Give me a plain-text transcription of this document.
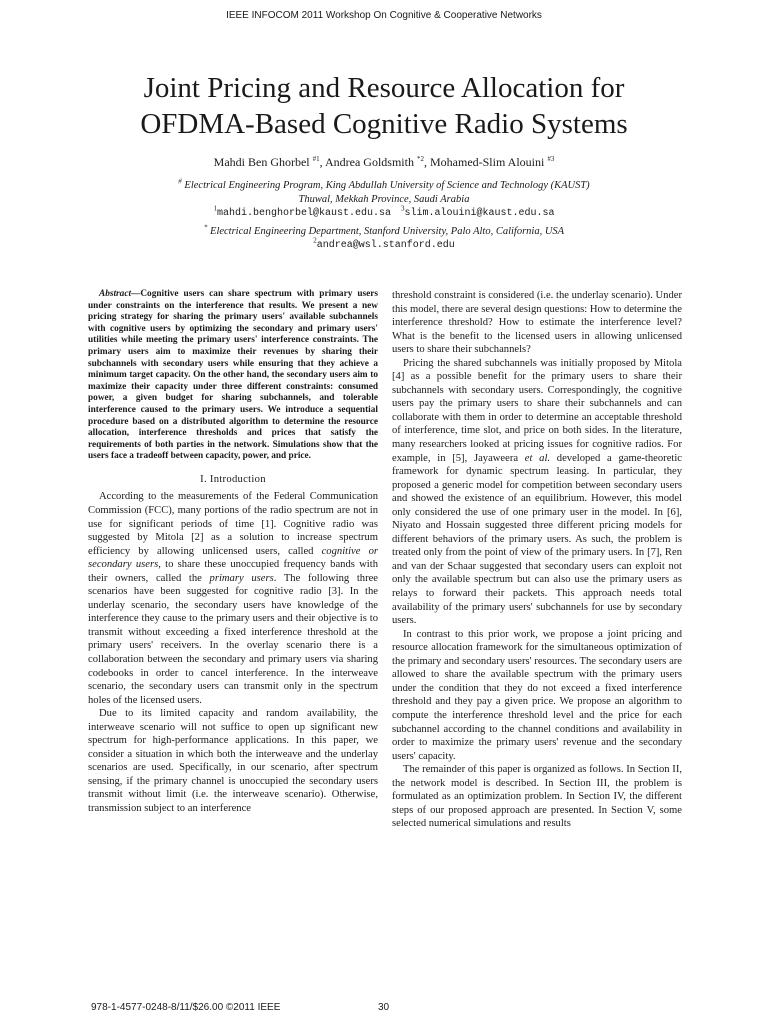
IEEE INFOCOM 2011 Workshop On Cognitive & Cooperative Networks
Joint Pricing and Resource Allocation for
OFDMA-Based Cognitive Radio Systems
Mahdi Ben Ghorbel $^{\#1}$, Andrea Goldsmith $^{*2}$, Mohamed-Slim Alouini $^{\#3}$
# Electrical Engineering Program, King Abdullah University of Science and Technology (KAUST)
Thuwal, Mekkah Province, Saudi Arabia
$^1$mahdi.benghorbel@kaust.edu.sa $^3$slim.alouini@kaust.edu.sa
* Electrical Engineering Department, Stanford University, Palo Alto, California, USA
$^2$andrea@wsl.stanford.edu

Abstract—Cognitive users can share spectrum with primary users under constraints on the interference that results. We present a new pricing strategy for sharing the primary users' available subchannels with cognitive users by optimizing the secondary and primary users' utilities while meeting the primary users' interference constraints. The primary users aim to maximize their revenues by sharing their subchannels with secondary users while ensuring that they achieve a minimum target capacity. On the other hand, the secondary users aim to maximize their capacity under three different constraints: consumed power, a given budget for sharing subchannels, and tolerable interference caused to the primary users. We introduce a sequential procedure based on a distributed algorithm to determine the resource allocation, interference thresholds and prices that satisfy the requirements of both parties in the network. Simulations show that the users face a tradeoff between capacity, power, and price.

I. Introduction

According to the measurements of the Federal Communication Commission (FCC), many portions of the radio spectrum are not in use for significant periods of time [1]. Cognitive radio was suggested by Mitola [2] as a solution to increase spectrum efficiency by allowing unlicensed users, called cognitive or secondary users, to share these unoccupied frequency bands with their owners, called the primary users. The following three scenarios have been suggested for cognitive radio [3]. In the underlay scenario, the secondary users have knowledge of the interference they cause to the primary users and their objective is to transmit without exceeding a fixed interference threshold at the primary users' receivers. In the overlay scenario there is a collaboration between the secondary and primary users via sharing codebooks in order to cancel interference. In the interweave scenario, the secondary users can transmit only in the spectrum holes of the licensed users.

Due to its limited capacity and random availability, the interweave scenario will not suffice to open up significant new spectrum for high-performance applications. In this paper, we consider a situation in which both the interweave and the underlay scenarios are used. Specifically, in our scenario, after spectrum sensing, if the primary channel is unoccupied the secondary users transmit without limit (i.e. the interweave scenario). Otherwise, transmission subject to an interference

threshold constraint is considered (i.e. the underlay scenario). Under this model, there are several design questions: How to determine the interference threshold? How to estimate the interference level? What is the benefit to the licensed users in allowing unlicensed users to share their subchannels?

Pricing the shared subchannels was initially proposed by Mitola [4] as a possible benefit for the primary users to share their subchannels with secondary users. Correspondingly, the cognitive users pay the primary users to share their subchannels and can collaborate with them in order to determine an acceptable threshold of interference, time slot, and price on both sides. In the literature, many researchers looked at pricing issues for cognitive radios. For example, in [5], Jayaweera et al. developed a game-theoretic framework for dynamic spectrum leasing. In particular, they proposed a generic model for competition between secondary users and showed the existence of an equilibrium. However, this model only considered the use of one primary user in the model. In [6], Niyato and Hossain suggested three different pricing models for different behaviors of the primary users. As such, the problem is treated only from the point of view of the primary users. In [7], Ren and van der Schaar suggested that secondary users can exploit not only the available spectrum but can also use the primary users as relays to forward their packets. This approach needs total availability of the primary users' subchannels for use by secondary users.

In contrast to this prior work, we propose a joint pricing and resource allocation framework for the simultaneous optimization of the primary and secondary users' resources. The secondary users are allowed to share the available spectrum with the primary users under the condition that they do not exceed a fixed interference threshold and they pay a given price. We propose an algorithm to compute the interference threshold level and the price for each subchannel according to the channel conditions and availability in order to maximize the primary users' revenue and the secondary users' capacity.

The remainder of this paper is organized as follows. In Section II, the network model is described. In Section III, the problem is formulated as an optimization problem. In Section IV, the different steps of our proposed approach are presented. In Section V, some selected numerical simulations and results

978-1-4577-0248-8/11/$26.00 ©2011 IEEE	30
